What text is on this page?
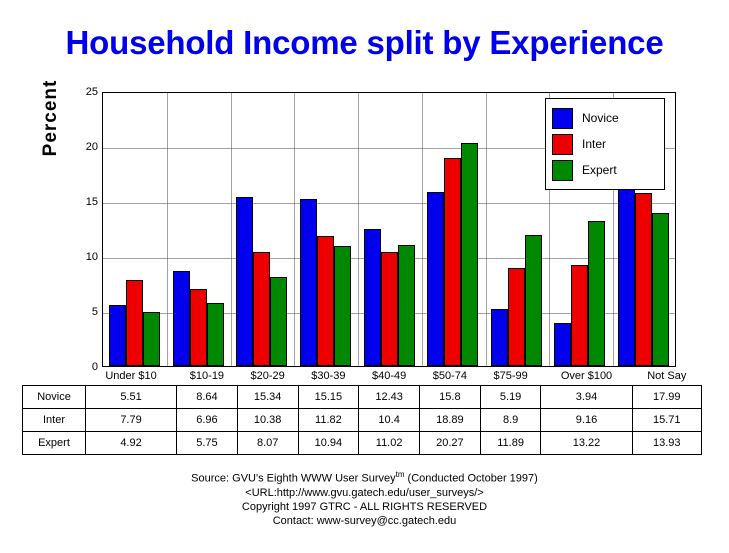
Household Income split by Experience
Percent
0
5
10
15
20
25
Novice
Inter
Expert
	Under $10	$10-19	$20-29	$30-39	$40-49	$50-74	$75-99	Over $100	Not Say
Novice	5.51	8.64	15.34	15.15	12.43	15.8	5.19	3.94	17.99
Inter	7.79	6.96	10.38	11.82	10.4	18.89	8.9	9.16	15.71
Expert	4.92	5.75	8.07	10.94	11.02	20.27	11.89	13.22	13.93
Source: GVU's Eighth WWW User Survey$^{tm}$ (Conducted October 1997)
<URL:http://www.gvu.gatech.edu/user_surveys/>
Copyright 1997 GTRC - ALL RIGHTS RESERVED
Contact: www-survey@cc.gatech.edu
